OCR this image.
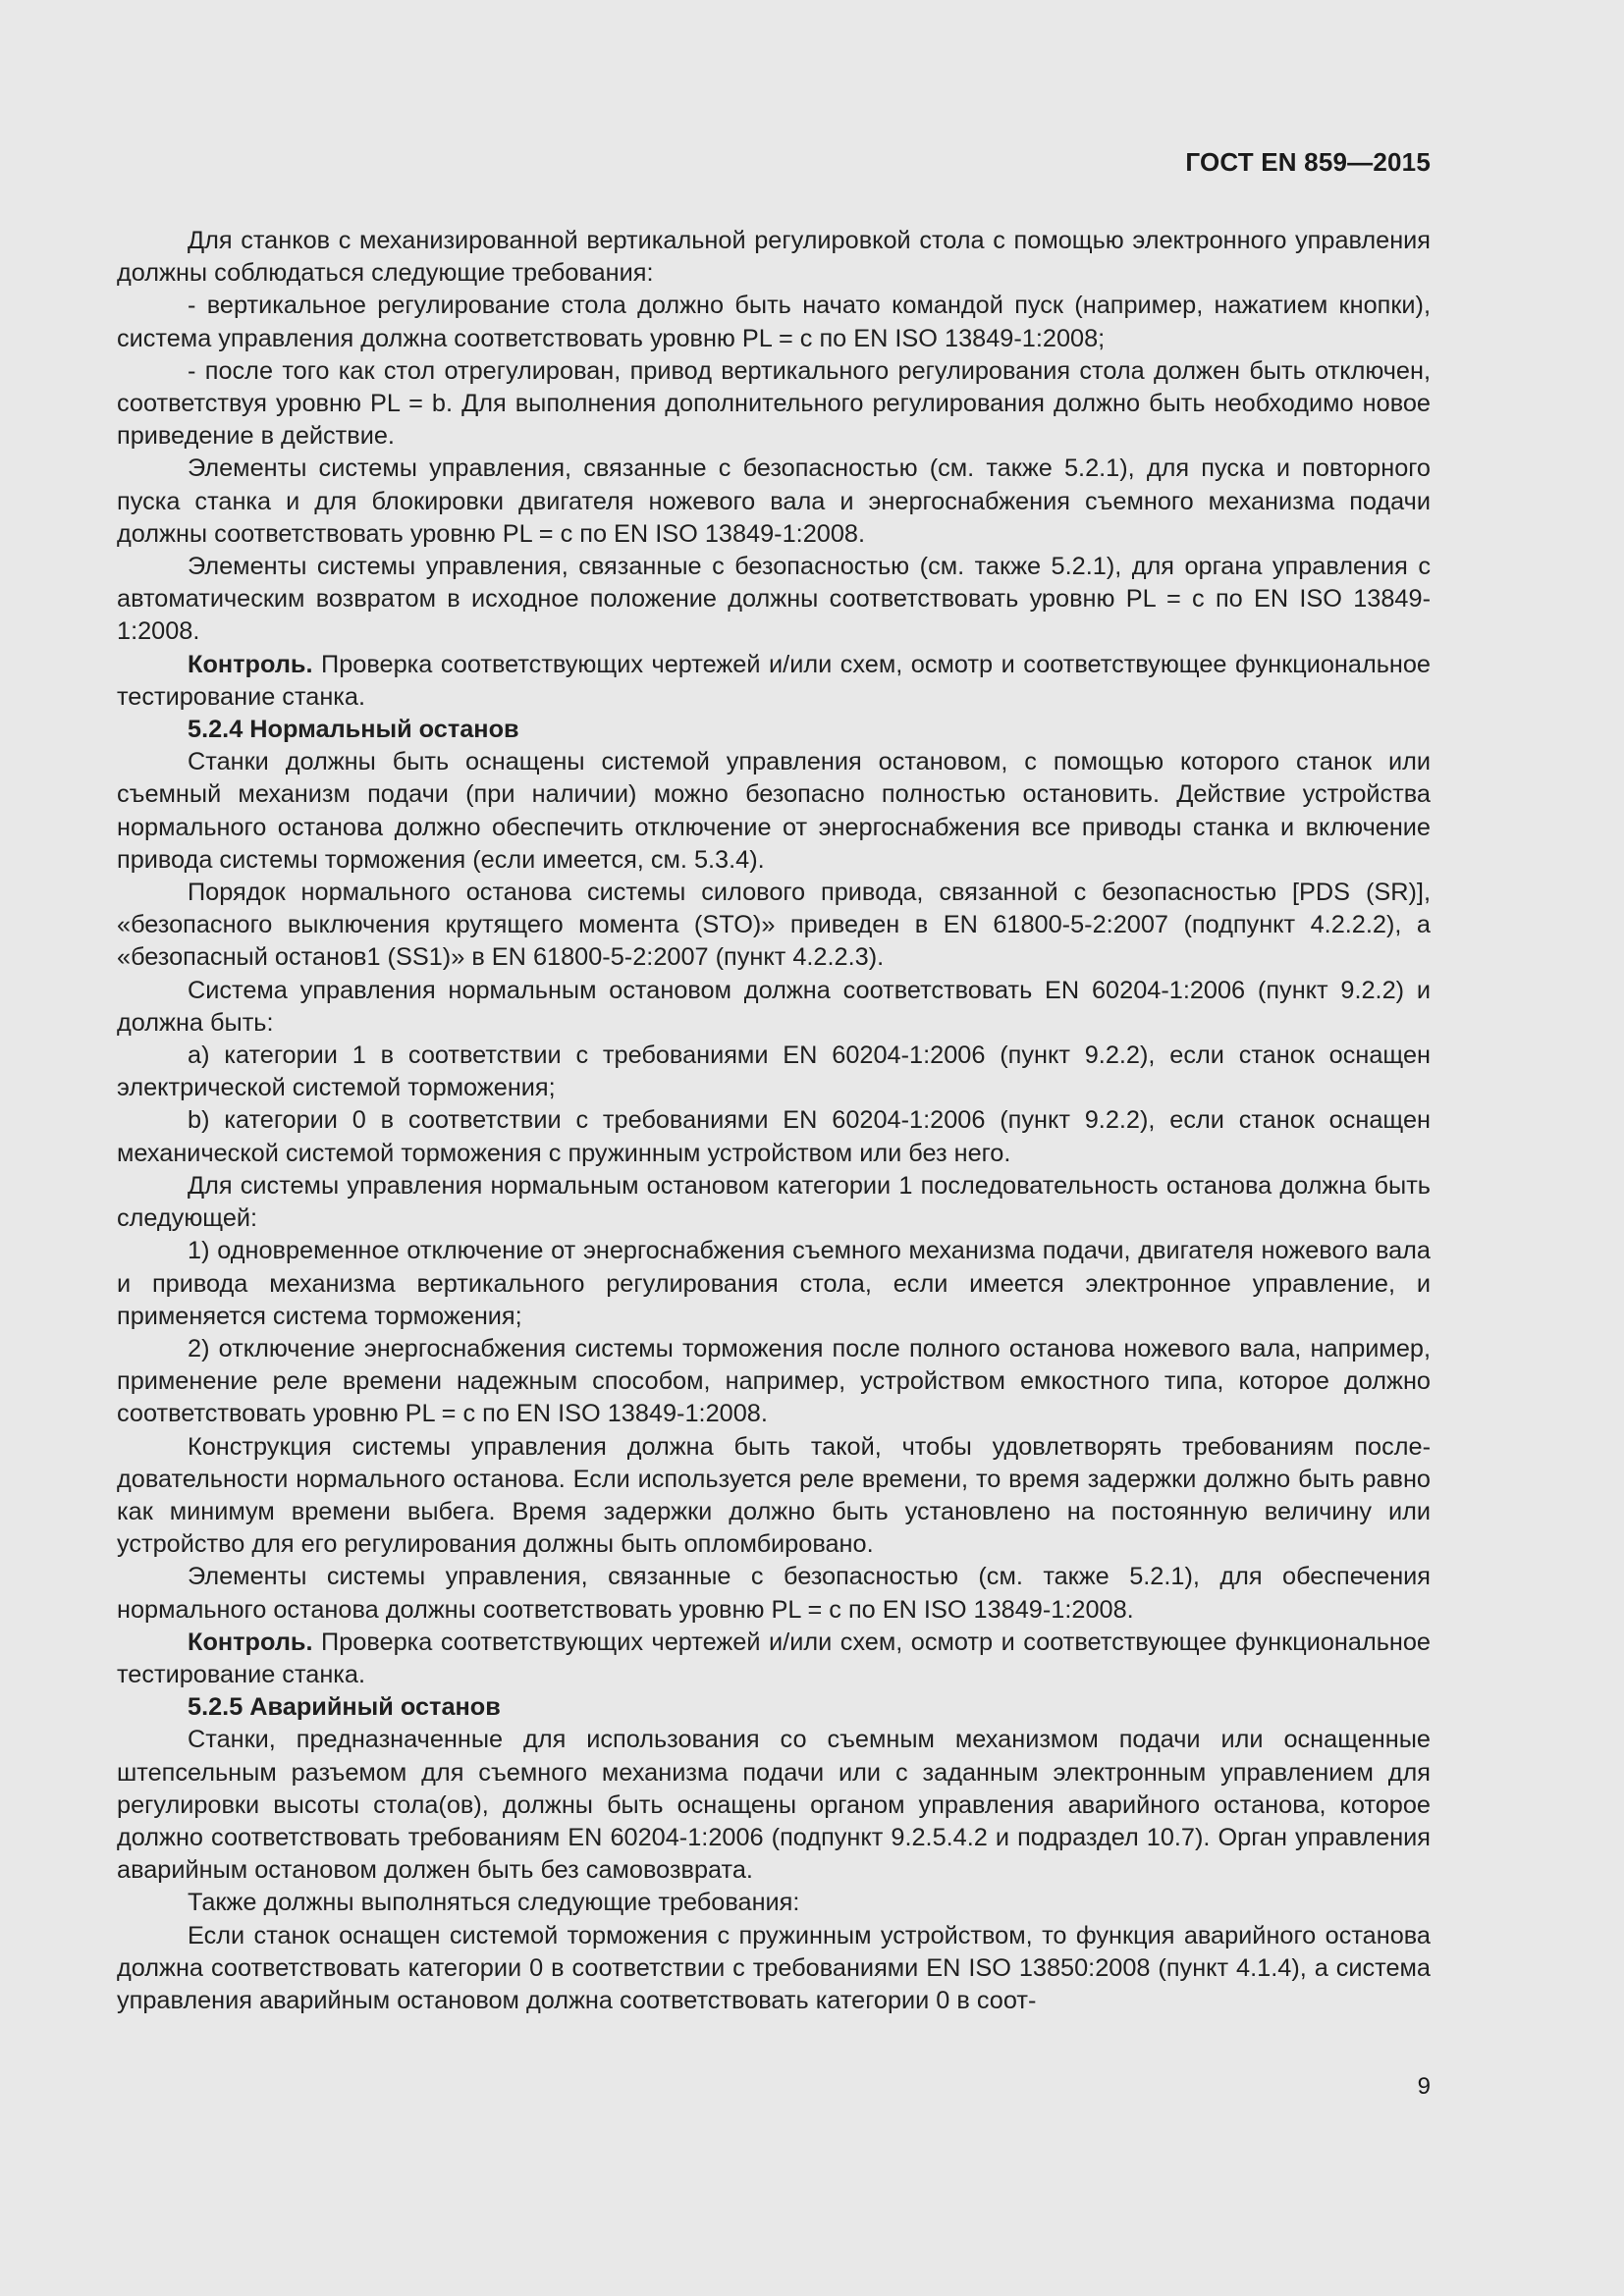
ГОСТ EN 859—2015

Для станков с механизированной вертикальной регулировкой стола с помощью электронного управления должны соблюдаться следующие требования:

- вертикальное регулирование стола должно быть начато командой пуск (например, нажатием кнопки), система управления должна соответствовать уровню PL = с по EN ISO 13849-1:2008;

- после того как стол отрегулирован, привод вертикального регулирования стола должен быть отключен, соответствуя уровню PL = b. Для выполнения дополнительного регулирования должно быть необходимо новое приведение в действие.

Элементы системы управления, связанные с безопасностью (см. также 5.2.1), для пуска и повторного пуска станка и для блокировки двигателя ножевого вала и энергоснабжения съемного механизма подачи должны соответствовать уровню PL = с по EN ISO 13849-1:2008.

Элементы системы управления, связанные с безопасностью (см. также 5.2.1), для органа управления с автоматическим возвратом в исходное положение должны соответствовать уровню PL = с по EN ISO 13849-1:2008.

Контроль. Проверка соответствующих чертежей и/или схем, осмотр и соответствующее функциональное тестирование станка.

5.2.4 Нормальный останов

Станки должны быть оснащены системой управления остановом, с помощью которого станок или съемный механизм подачи (при наличии) можно безопасно полностью остановить. Действие устройства нормального останова должно обеспечить отключение от энергоснабжения все приводы станка и включение привода системы торможения (если имеется, см. 5.3.4).

Порядок нормального останова системы силового привода, связанной с безопасностью [PDS (SR)], «безопасного выключения крутящего момента (STO)» приведен в EN 61800-5-2:2007 (подпункт 4.2.2.2), а «безопасный останов1 (SS1)» в EN 61800-5-2:2007 (пункт 4.2.2.3).

Система управления нормальным остановом должна соответствовать EN 60204-1:2006 (пункт 9.2.2) и должна быть:

a) категории 1 в соответствии с требованиями EN 60204-1:2006 (пункт 9.2.2), если станок оснащен электрической системой торможения;

b) категории 0 в соответствии с требованиями EN 60204-1:2006 (пункт 9.2.2), если станок оснащен механической системой торможения с пружинным устройством или без него.

Для системы управления нормальным остановом категории 1 последовательность останова должна быть следующей:

1) одновременное отключение от энергоснабжения съемного механизма подачи, двигателя ножевого вала и привода механизма вертикального регулирования стола, если имеется электронное управление, и применяется система торможения;

2) отключение энергоснабжения системы торможения после полного останова ножевого вала, например, применение реле времени надежным способом, например, устройством емкостного типа, которое должно соответствовать уровню PL = с по EN ISO 13849-1:2008.

Конструкция системы управления должна быть такой, чтобы удовлетворять требованиям последовательности нормального останова. Если используется реле времени, то время задержки должно быть равно как минимум времени выбега. Время задержки должно быть установлено на постоянную величину или устройство для его регулирования должны быть опломбировано.

Элементы системы управления, связанные с безопасностью (см. также 5.2.1), для обеспечения нормального останова должны соответствовать уровню PL = с по EN ISO 13849-1:2008.

Контроль. Проверка соответствующих чертежей и/или схем, осмотр и соответствующее функциональное тестирование станка.

5.2.5 Аварийный останов

Станки, предназначенные для использования со съемным механизмом подачи или оснащенные штепсельным разъемом для съемного механизма подачи или с заданным электронным управлением для регулировки высоты стола(ов), должны быть оснащены органом управления аварийного останова, которое должно соответствовать требованиям EN 60204-1:2006 (подпункт 9.2.5.4.2 и подраздел 10.7). Орган управления аварийным остановом должен быть без самовозврата.

Также должны выполняться следующие требования:

Если станок оснащен системой торможения с пружинным устройством, то функция аварийного останова должна соответствовать категории 0 в соответствии с требованиями EN ISO 13850:2008 (пункт 4.1.4), а система управления аварийным остановом должна соответствовать категории 0 в соот-

9
